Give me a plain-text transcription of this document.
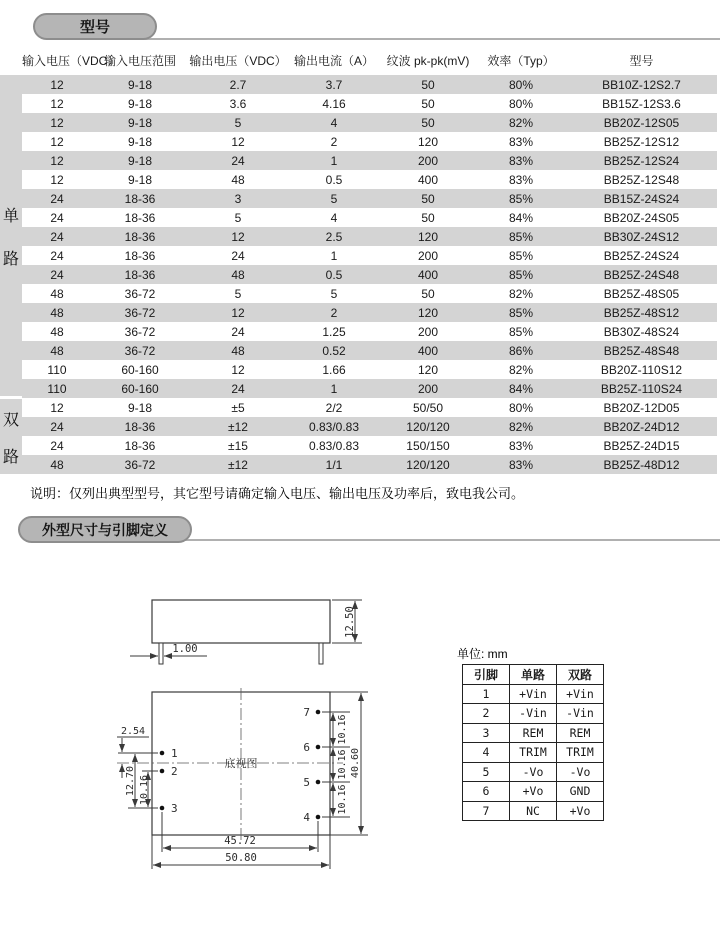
型号
单
路
双
路
输入电压（VDC）	输入电压范围	输出电压（VDC）	输出电流（A）	纹波 pk-pk(mV)	效率（Typ）	型号
12	9-18	2.7	3.7	50	80%	BB10Z-12S2.7
12	9-18	3.6	4.16	50	80%	BB15Z-12S3.6
12	9-18	5	4	50	82%	BB20Z-12S05
12	9-18	12	2	120	83%	BB25Z-12S12
12	9-18	24	1	200	83%	BB25Z-12S24
12	9-18	48	0.5	400	83%	BB25Z-12S48
24	18-36	3	5	50	85%	BB15Z-24S24
24	18-36	5	4	50	84%	BB20Z-24S05
24	18-36	12	2.5	120	85%	BB30Z-24S12
24	18-36	24	1	200	85%	BB25Z-24S24
24	18-36	48	0.5	400	85%	BB25Z-24S48
48	36-72	5	5	50	82%	BB25Z-48S05
48	36-72	12	2	120	85%	BB25Z-48S12
48	36-72	24	1.25	200	85%	BB30Z-48S24
48	36-72	48	0.52	400	86%	BB25Z-48S48
110	60-160	12	1.66	120	82%	BB20Z-110S12
110	60-160	24	1	200	84%	BB25Z-110S24
12	9-18	±5	2/2	50/50	80%	BB20Z-12D05
24	18-36	±12	0.83/0.83	120/120	82%	BB20Z-24D12
24	18-36	±15	0.83/0.83	150/150	83%	BB25Z-24D15
48	36-72	±12	1/1	120/120	83%	BB25Z-48D12
说明：仅列出典型型号，其它型号请确定输入电压、输出电压及功率后，致电我公司。
外型尺寸与引脚定义
12.50
1.00
底视图
1
2
3
7
6
5
4
2.54
12.70 10.16
10.16
10.16
10.16
40.60
45.72
50.80
单位: mm
引脚	单路	双路
1	+Vin	+Vin
2	-Vin	-Vin
3	REM	REM
4	TRIM	TRIM
5	-Vo	-Vo
6	+Vo	GND
7	NC	+Vo
